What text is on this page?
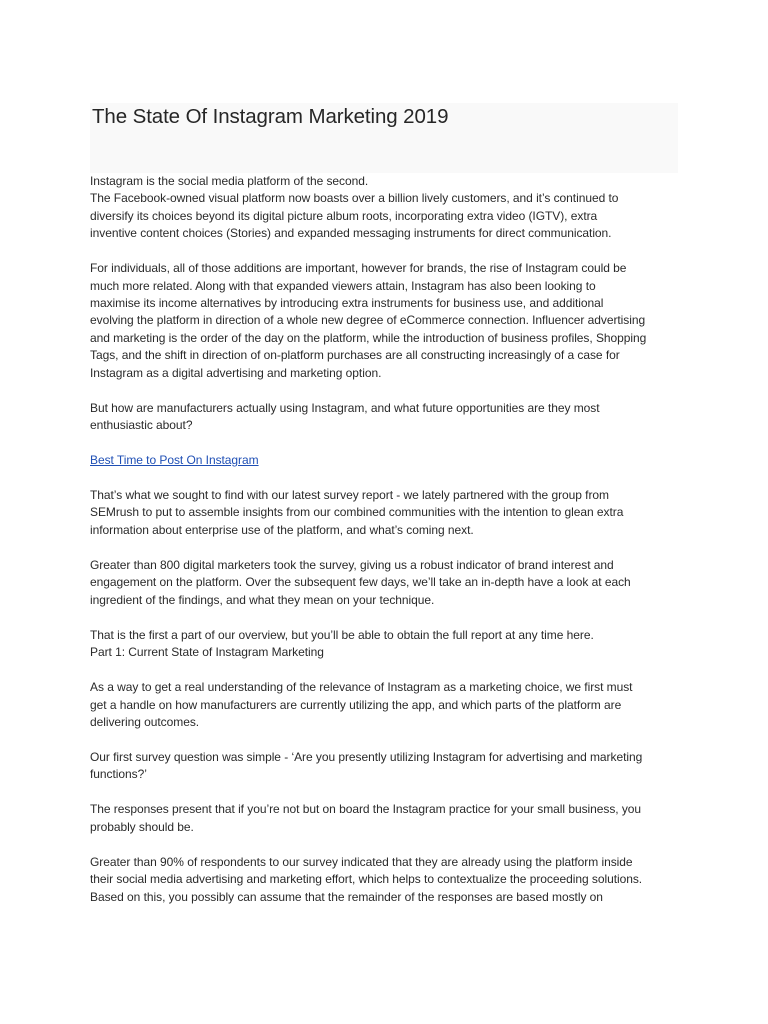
The State Of Instagram Marketing 2019

Instagram is the social media platform of the second.
The Facebook-owned visual platform now boasts over a billion lively customers, and it’s continued to
diversify its choices beyond its digital picture album roots, incorporating extra video (IGTV), extra
inventive content choices (Stories) and expanded messaging instruments for direct communication.

For individuals, all of those additions are important, however for brands, the rise of Instagram could be
much more related. Along with that expanded viewers attain, Instagram has also been looking to
maximise its income alternatives by introducing extra instruments for business use, and additional
evolving the platform in direction of a whole new degree of eCommerce connection. Influencer advertising
and marketing is the order of the day on the platform, while the introduction of business profiles, Shopping
Tags, and the shift in direction of on-platform purchases are all constructing increasingly of a case for
Instagram as a digital advertising and marketing option.

But how are manufacturers actually using Instagram, and what future opportunities are they most
enthusiastic about?

Best Time to Post On Instagram

That’s what we sought to find with our latest survey report - we lately partnered with the group from
SEMrush to put to assemble insights from our combined communities with the intention to glean extra
information about enterprise use of the platform, and what’s coming next.

Greater than 800 digital marketers took the survey, giving us a robust indicator of brand interest and
engagement on the platform. Over the subsequent few days, we’ll take an in-depth have a look at each
ingredient of the findings, and what they mean on your technique.

That is the first a part of our overview, but you’ll be able to obtain the full report at any time here.
Part 1: Current State of Instagram Marketing

As a way to get a real understanding of the relevance of Instagram as a marketing choice, we first must
get a handle on how manufacturers are currently utilizing the app, and which parts of the platform are
delivering outcomes.

Our first survey question was simple - ‘Are you presently utilizing Instagram for advertising and marketing
functions?’

The responses present that if you’re not but on board the Instagram practice for your small business, you
probably should be.

Greater than 90% of respondents to our survey indicated that they are already using the platform inside
their social media advertising and marketing effort, which helps to contextualize the proceeding solutions.
Based on this, you possibly can assume that the remainder of the responses are based mostly on
